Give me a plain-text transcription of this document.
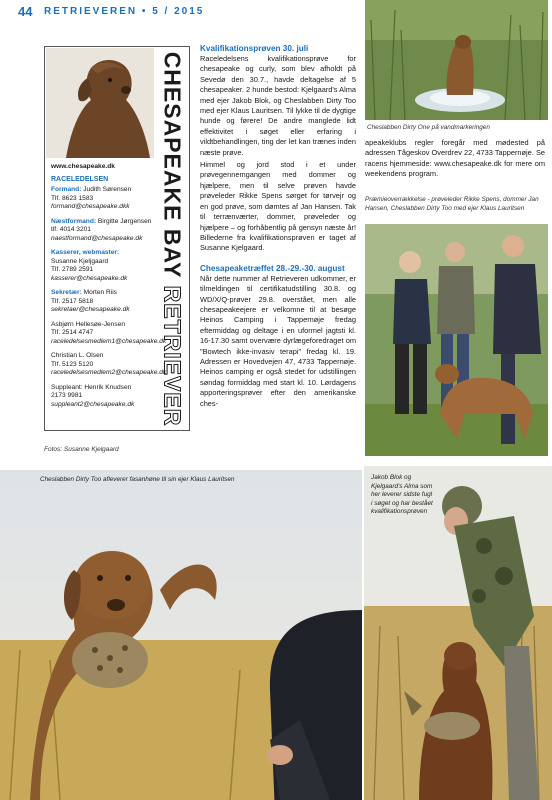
44 RETRIEVEREN • 5 / 2015
CHESAPEAKE BAY RETRIEVER
www.chesapeake.dk
RACELEDELSEN
Formand: Judith Sørensen
Tlf. 8623 1583
formand@chesapeake.dkk
Næstformand: Birgitte Jørgensen
tlf. 4014 3201
naestformand@chesapeake.dk
Kasserer, webmaster:
Susanne Kjeljgaard
Tlf. 2789 2591
kasserer@chesapeake.dk
Sekretær: Morten Riis
Tlf. 2517 5818
sekretaer@chesapeake.dk
Asbjørn Hellesøe-Jensen
Tlf. 2514 4747
raceledelsesmedlem1@chesapeake.dk
Christian L. Olsen
Tlf. 5123 5120
raceledelsesmedlem2@chesapeake.dk
Suppleant: Henrik Knudsen
2173 9981
suppleant2@chesapeake.dk
Fotos: Susanne Kjelgaard
Kvalifikationsprøven 30. juli

Raceledelsens kvalifikationsprøve for chesapeake og curly, som blev afholdt på Sevedø den 30.7., havde deltagelse af 5 chesapeaker. 2 hunde bestod: Kjelgaard's Alma med ejer Jakob Blok, og Cheslabben Dirty Too med ejer Klaus Lauritsen. Til lykke til de dygtige hunde og førere! De andre manglede lidt effektivitet i søget eller erfaring i vildtbehandlingen, ting der let kan trænes inden næste prøve.

Himmel og jord stod i et under prøvegennemgangen med dommer og hjælpere, men til selve prøven havde prøveleder Rikke Spens sørget for tørvejr og en god prøve, som dømtes af Jan Hansen. Tak til terrænværter, dommer, prøveleder og hjælpere – og forhåbentlig på gensyn næste år! Billederne fra kvalifikationsprøven er taget af Susanne Kjelgaard.

Chesapeaketræffet 28.-29.-30. august

Når dette nummer af Retrieveren udkommer, er tilmeldingen til certifikatudstilling 30.8. og WD/X/Q-prøver 29.8. overstået, men alle chesapeakeejere er velkomne til at besøge Heinos Camping i Tappernøje fredag eftermiddag og deltage i en uformel jagtsti kl. 16-17.30 samt overvære dyrlægeforedraget om "Bowtech ikke-invasiv terapi" fredag kl. 19. Adressen er Hovedvejen 47, 4733 Tappernøje. Heinos camping er også stedet for udstillingen søndag formiddag med start kl. 10. Lørdagens apporteringsprøver efter den amerikanske ches-

Cheslabben Dirty One på vandmarkeringen

apeakeklubs regler foregår med mødested på adressen Tågeskov Overdrev 22, 4733 Tappernøje. Se racens hjemmeside: www.chesapeake.dk for mere om weekendens program.

Præmieoverrækkelse - prøveleder Rikke Spens, dommer Jan Hansen, Cheslabben Dirty Too med ejer Klaus Lauritsen
Cheslabben Dirty Too afleverer fasanhøne til sin ejer Klaus Lauritsen	Jakob Blok og Kjelgaard's Alma som her leverer sidste fugl i søget og har bestået kvalifikationsprøven
